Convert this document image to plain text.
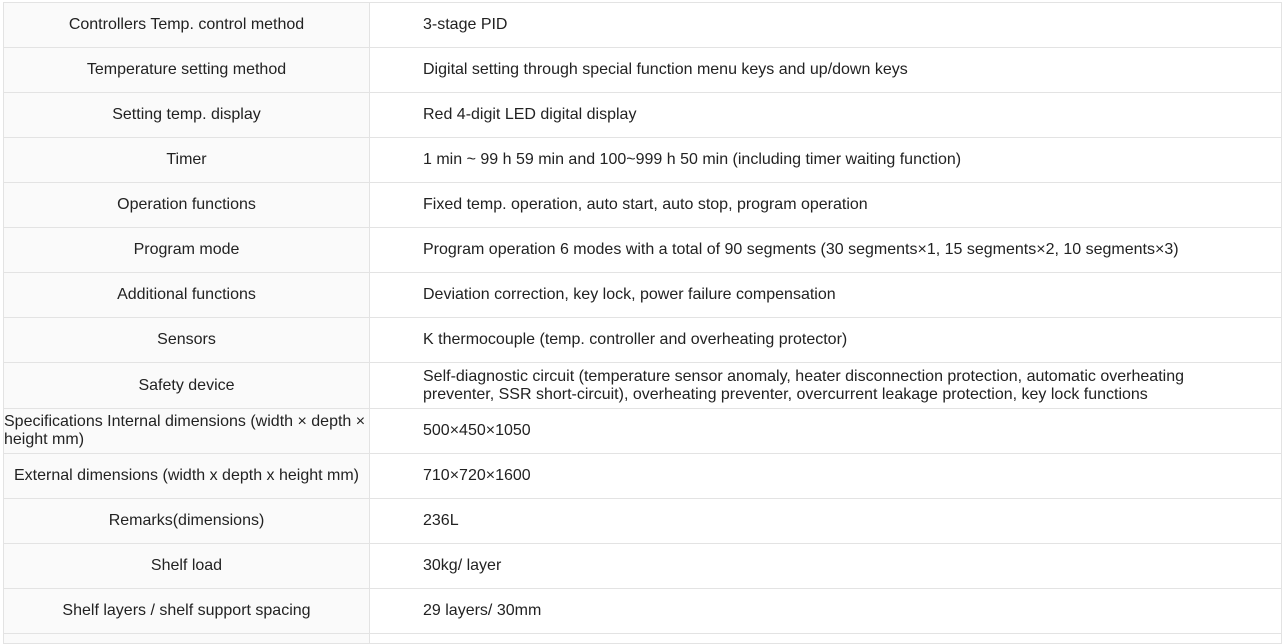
Controllers Temp. control method	3-stage PID
Temperature setting method	Digital setting through special function menu keys and up/down keys
Setting temp. display	Red 4-digit LED digital display
Timer	1 min ~ 99 h 59 min and 100~999 h 50 min (including timer waiting function)
Operation functions	Fixed temp. operation, auto start, auto stop, program operation
Program mode	Program operation 6 modes with a total of 90 segments (30 segments×1, 15 segments×2, 10 segments×3)
Additional functions	Deviation correction, key lock, power failure compensation
Sensors	K thermocouple (temp. controller and overheating protector)
Safety device	Self-diagnostic circuit (temperature sensor anomaly, heater disconnection protection, automatic overheating preventer, SSR short-circuit), overheating preventer, overcurrent leakage protection, key lock functions
Specifications Internal dimensions (width × depth × height mm)	500×450×1050
External dimensions (width x depth x height mm)	710×720×1600
Remarks(dimensions)	236L
Shelf load	30kg/ layer
Shelf layers / shelf support spacing	29 layers/ 30mm
